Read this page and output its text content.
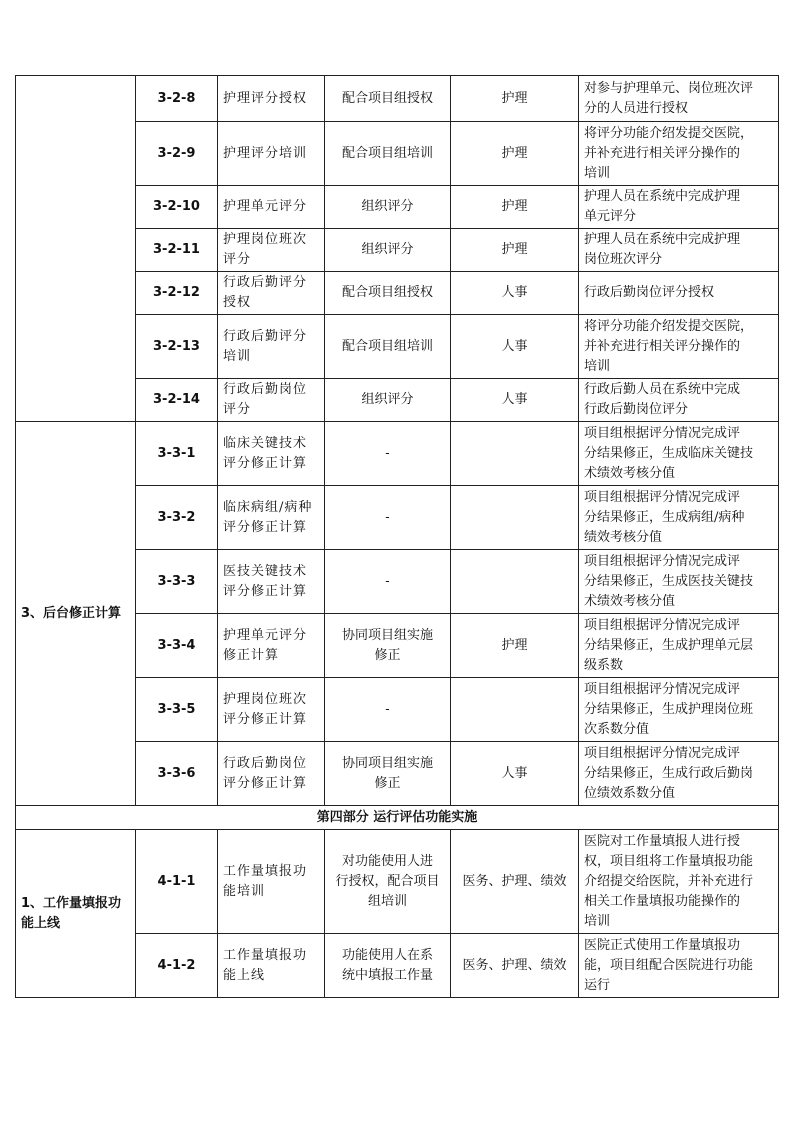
	3-2-8	护理评分授权	配合项目组授权	护理	对参与护理单元、岗位班次评
分的人员进行授权

	3-2-9	护理评分培训	配合项目组培训	护理	将评分功能介绍发提交医院，
并补充进行相关评分操作的
培训

	3-2-10	护理单元评分	组织评分	护理	护理人员在系统中完成护理
单元评分

	3-2-11	护理岗位班次
评分	组织评分	护理	护理人员在系统中完成护理
岗位班次评分

	3-2-12	行政后勤评分
授权	配合项目组授权	人事	行政后勤岗位评分授权

	3-2-13	行政后勤评分
培训	配合项目组培训	人事	将评分功能介绍发提交医院，
并补充进行相关评分操作的
培训

	3-2-14	行政后勤岗位
评分	组织评分	人事	行政后勤人员在系统中完成
行政后勤岗位评分

3、后台修正计算	3-3-1	临床关键技术
评分修正计算	-		项目组根据评分情况完成评
分结果修正，生成临床关键技
术绩效考核分值

	3-3-2	临床病组/病种
评分修正计算	-		项目组根据评分情况完成评
分结果修正，生成病组/病种
绩效考核分值

	3-3-3	医技关键技术
评分修正计算	-		项目组根据评分情况完成评
分结果修正，生成医技关键技
术绩效考核分值

	3-3-4	护理单元评分
修正计算	协同项目组实施
修正	护理	项目组根据评分情况完成评
分结果修正，生成护理单元层
级系数

	3-3-5	护理岗位班次
评分修正计算	-		项目组根据评分情况完成评
分结果修正，生成护理岗位班
次系数分值

	3-3-6	行政后勤岗位
评分修正计算	协同项目组实施
修正	人事	项目组根据评分情况完成评
分结果修正，生成行政后勤岗
位绩效系数分值

第四部分 运行评估功能实施					

1、工作量填报功
能上线	4-1-1	工作量填报功
能培训	对功能使用人进
行授权，配合项目
组培训	医务、护理、绩效	医院对工作量填报人进行授
权，项目组将工作量填报功能
介绍提交给医院，并补充进行
相关工作量填报功能操作的
培训

	4-1-2	工作量填报功
能上线	功能使用人在系
统中填报工作量	医务、护理、绩效	医院正式使用工作量填报功
能，项目组配合医院进行功能
运行
